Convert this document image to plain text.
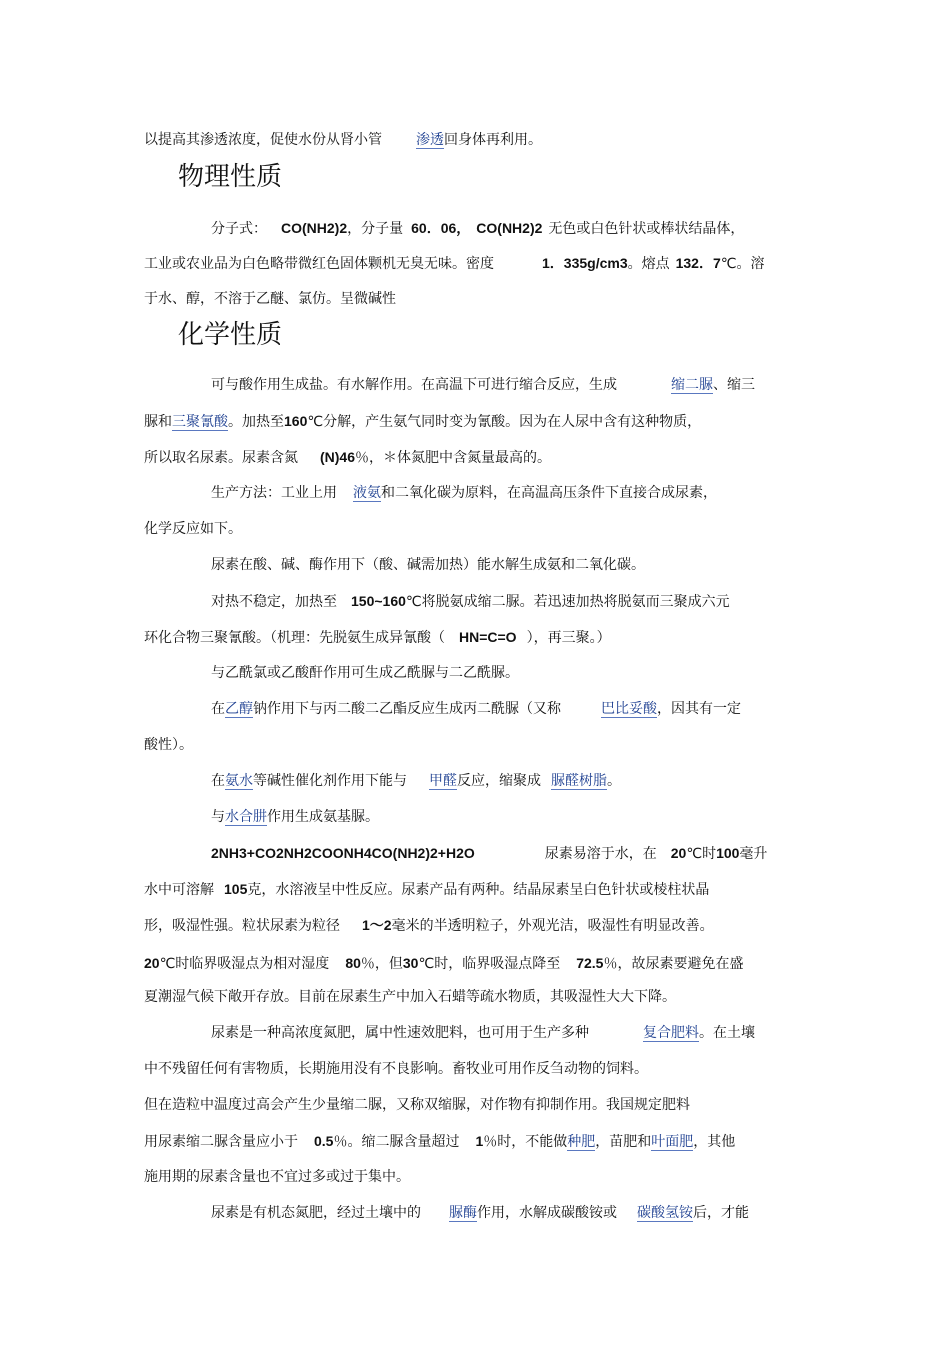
以提高其渗透浓度，促使水份从肾小管 渗透回身体再利用。
物理性质
分子式： CO(NH2)2，分子量 60．06， CO(NH2)2 无色或白色针状或棒状结晶体，
工业或农业品为白色略带微红色固体颗机无臭无味。密度	1．335g/cm3。熔点 132．7℃。溶
于水、醇，不溶于乙醚、氯仿。呈微碱性
化学性质
可与酸作用生成盐。有水解作用。在高温下可进行缩合反应，生成	缩二脲、缩三
脲和三聚氰酸。加热至160℃分解，产生氨气同时变为氰酸。因为在人尿中含有这种物质，
所以取名尿素。尿素含氮 (N)46％，＊体氮肥中含氮量最高的。
生产方法：工业上用 液氨和二氧化碳为原料，在高温高压条件下直接合成尿素，
化学反应如下。
尿素在酸、碱、酶作用下（酸、碱需加热）能水解生成氨和二氧化碳。
对热不稳定，加热至 150~160℃将脱氨成缩二脲。若迅速加热将脱氨而三聚成六元
环化合物三聚氰酸。（机理：先脱氨生成异氰酸（ HN=C=O ），再三聚。）
与乙酰氯或乙酸酐作用可生成乙酰脲与二乙酰脲。
在乙醇钠作用下与丙二酸二乙酯反应生成丙二酰脲（又称	巴比妥酸，因其有一定
酸性）。
在氨水等碱性催化剂作用下能与 甲醛反应，缩聚成 脲醛树脂。
与水合肼作用生成氨基脲。
2NH3+CO2NH2COONH4CO(NH2)2+H2O	尿素易溶于水，在 20℃时100毫升
水中可溶解 105克，水溶液呈中性反应。尿素产品有两种。结晶尿素呈白色针状或棱柱状晶
形，吸湿性强。粒状尿素为粒径 1～2毫米的半透明粒子，外观光洁，吸湿性有明显改善。
20℃时临界吸湿点为相对湿度 80％，但30℃时，临界吸湿点降至 72.5％，故尿素要避免在盛
夏潮湿气候下敞开存放。目前在尿素生产中加入石蜡等疏水物质，其吸湿性大大下降。
尿素是一种高浓度氮肥，属中性速效肥料，也可用于生产多种	复合肥料。在土壤
中不残留任何有害物质，长期施用没有不良影响。畜牧业可用作反刍动物的饲料。
但在造粒中温度过高会产生少量缩二脲，又称双缩脲，对作物有抑制作用。我国规定肥料
用尿素缩二脲含量应小于 0.5％。缩二脲含量超过 1％时，不能做种肥，苗肥和叶面肥，其他
施用期的尿素含量也不宜过多或过于集中。
尿素是有机态氮肥，经过土壤中的 脲酶作用，水解成碳酸铵或 碳酸氢铵后，才能
